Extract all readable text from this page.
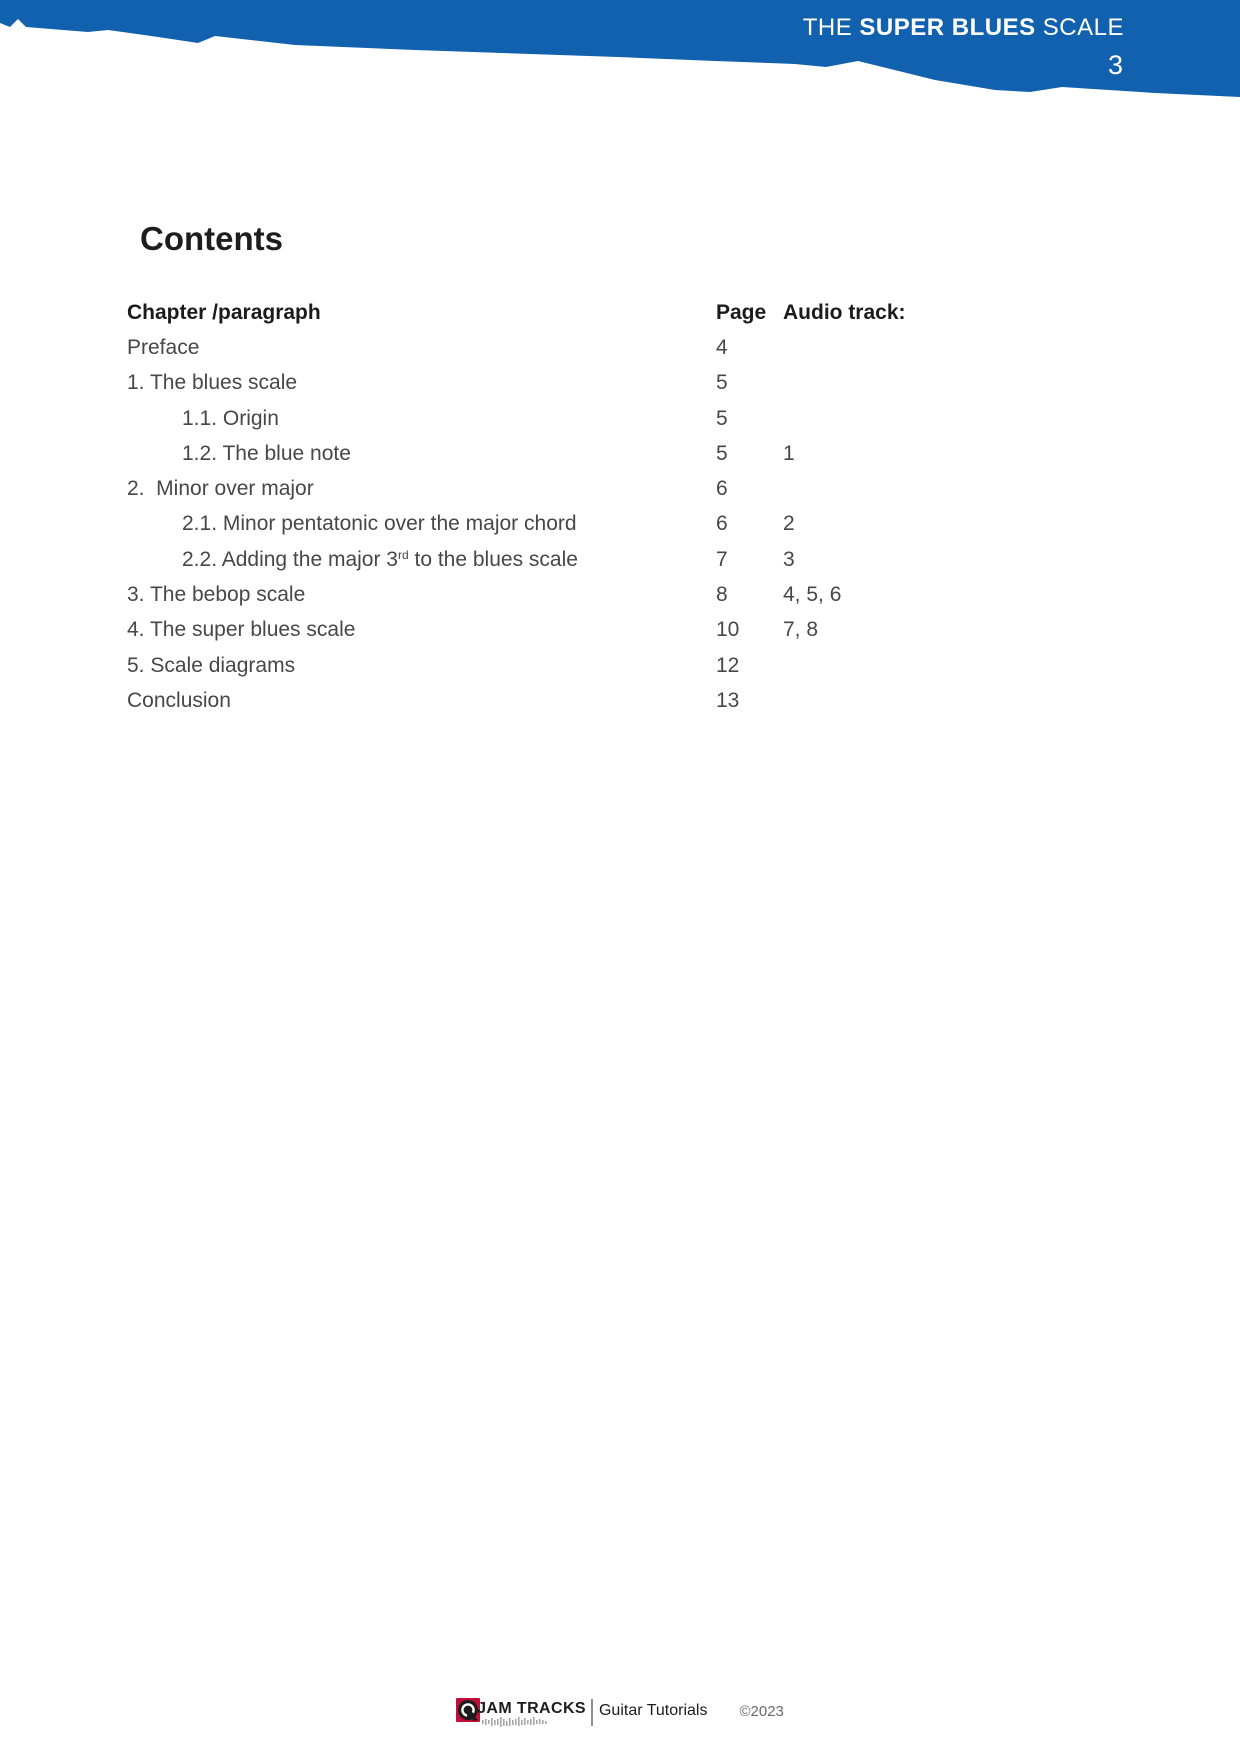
THE SUPER BLUES SCALE
3
Contents
Chapter /paragraph	Page Audio track:
Preface	4
1. The blues scale	5
1.1. Origin	5
1.2. The blue note	5	1
2.  Minor over major	6
2.1. Minor pentatonic over the major chord	6	2
2.2. Adding the major 3rd to the blues scale	7	3
3. The bebop scale	8	4, 5, 6
4. The super blues scale	10	7, 8
5. Scale diagrams	12
Conclusion	13
JAM TRACKS Guitar Tutorials ©2023
